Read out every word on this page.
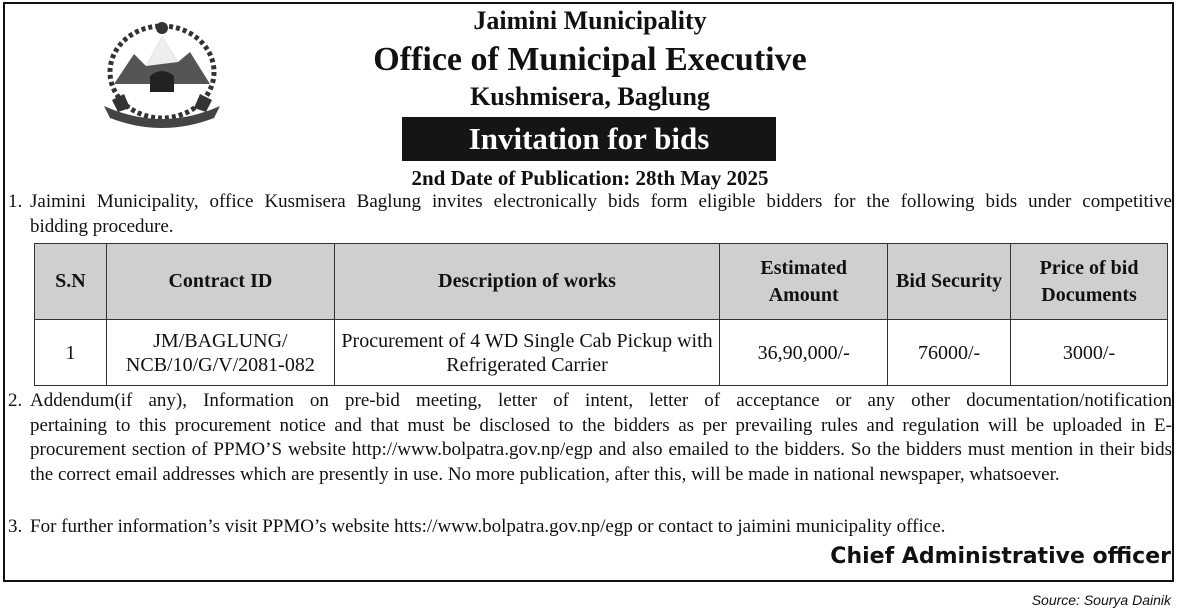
Jaimini Municipality
Office of Municipal Executive
Kushmisera, Baglung
Invitation for bids
2nd Date of Publication: 28th May 2025
1. Jaimini Municipality, office Kusmisera Baglung invites electronically bids form eligible bidders for the following bids under competitive
bidding procedure.
S.N	Contract ID	Description of works	Estimated Amount	Bid Security	Price of bid Documents
1	JM/BAGLUNG/ NCB/10/G/V/2081-082	Procurement of 4 WD Single Cab Pickup with Refrigerated Carrier	36,90,000/-	76000/-	3000/-
2. Addendum(if any), Information on pre-bid meeting, letter of intent, letter of acceptance or any other documentation/notification
pertaining to this procurement notice and that must be disclosed to the bidders as per prevailing rules and regulation will be uploaded in E-procurement section of PPMO’S website http://www.bolpatra.gov.np/egp and also emailed to the bidders. So the bidders must mention in their bids the correct email addresses which are presently in use. No more publication, after this, will be made in national newspaper, whatsoever.
3. For further information’s visit PPMO’s website htts://www.bolpatra.gov.np/egp or contact to jaimini municipality office.
Chief Administrative officer
Source: Sourya Dainik
